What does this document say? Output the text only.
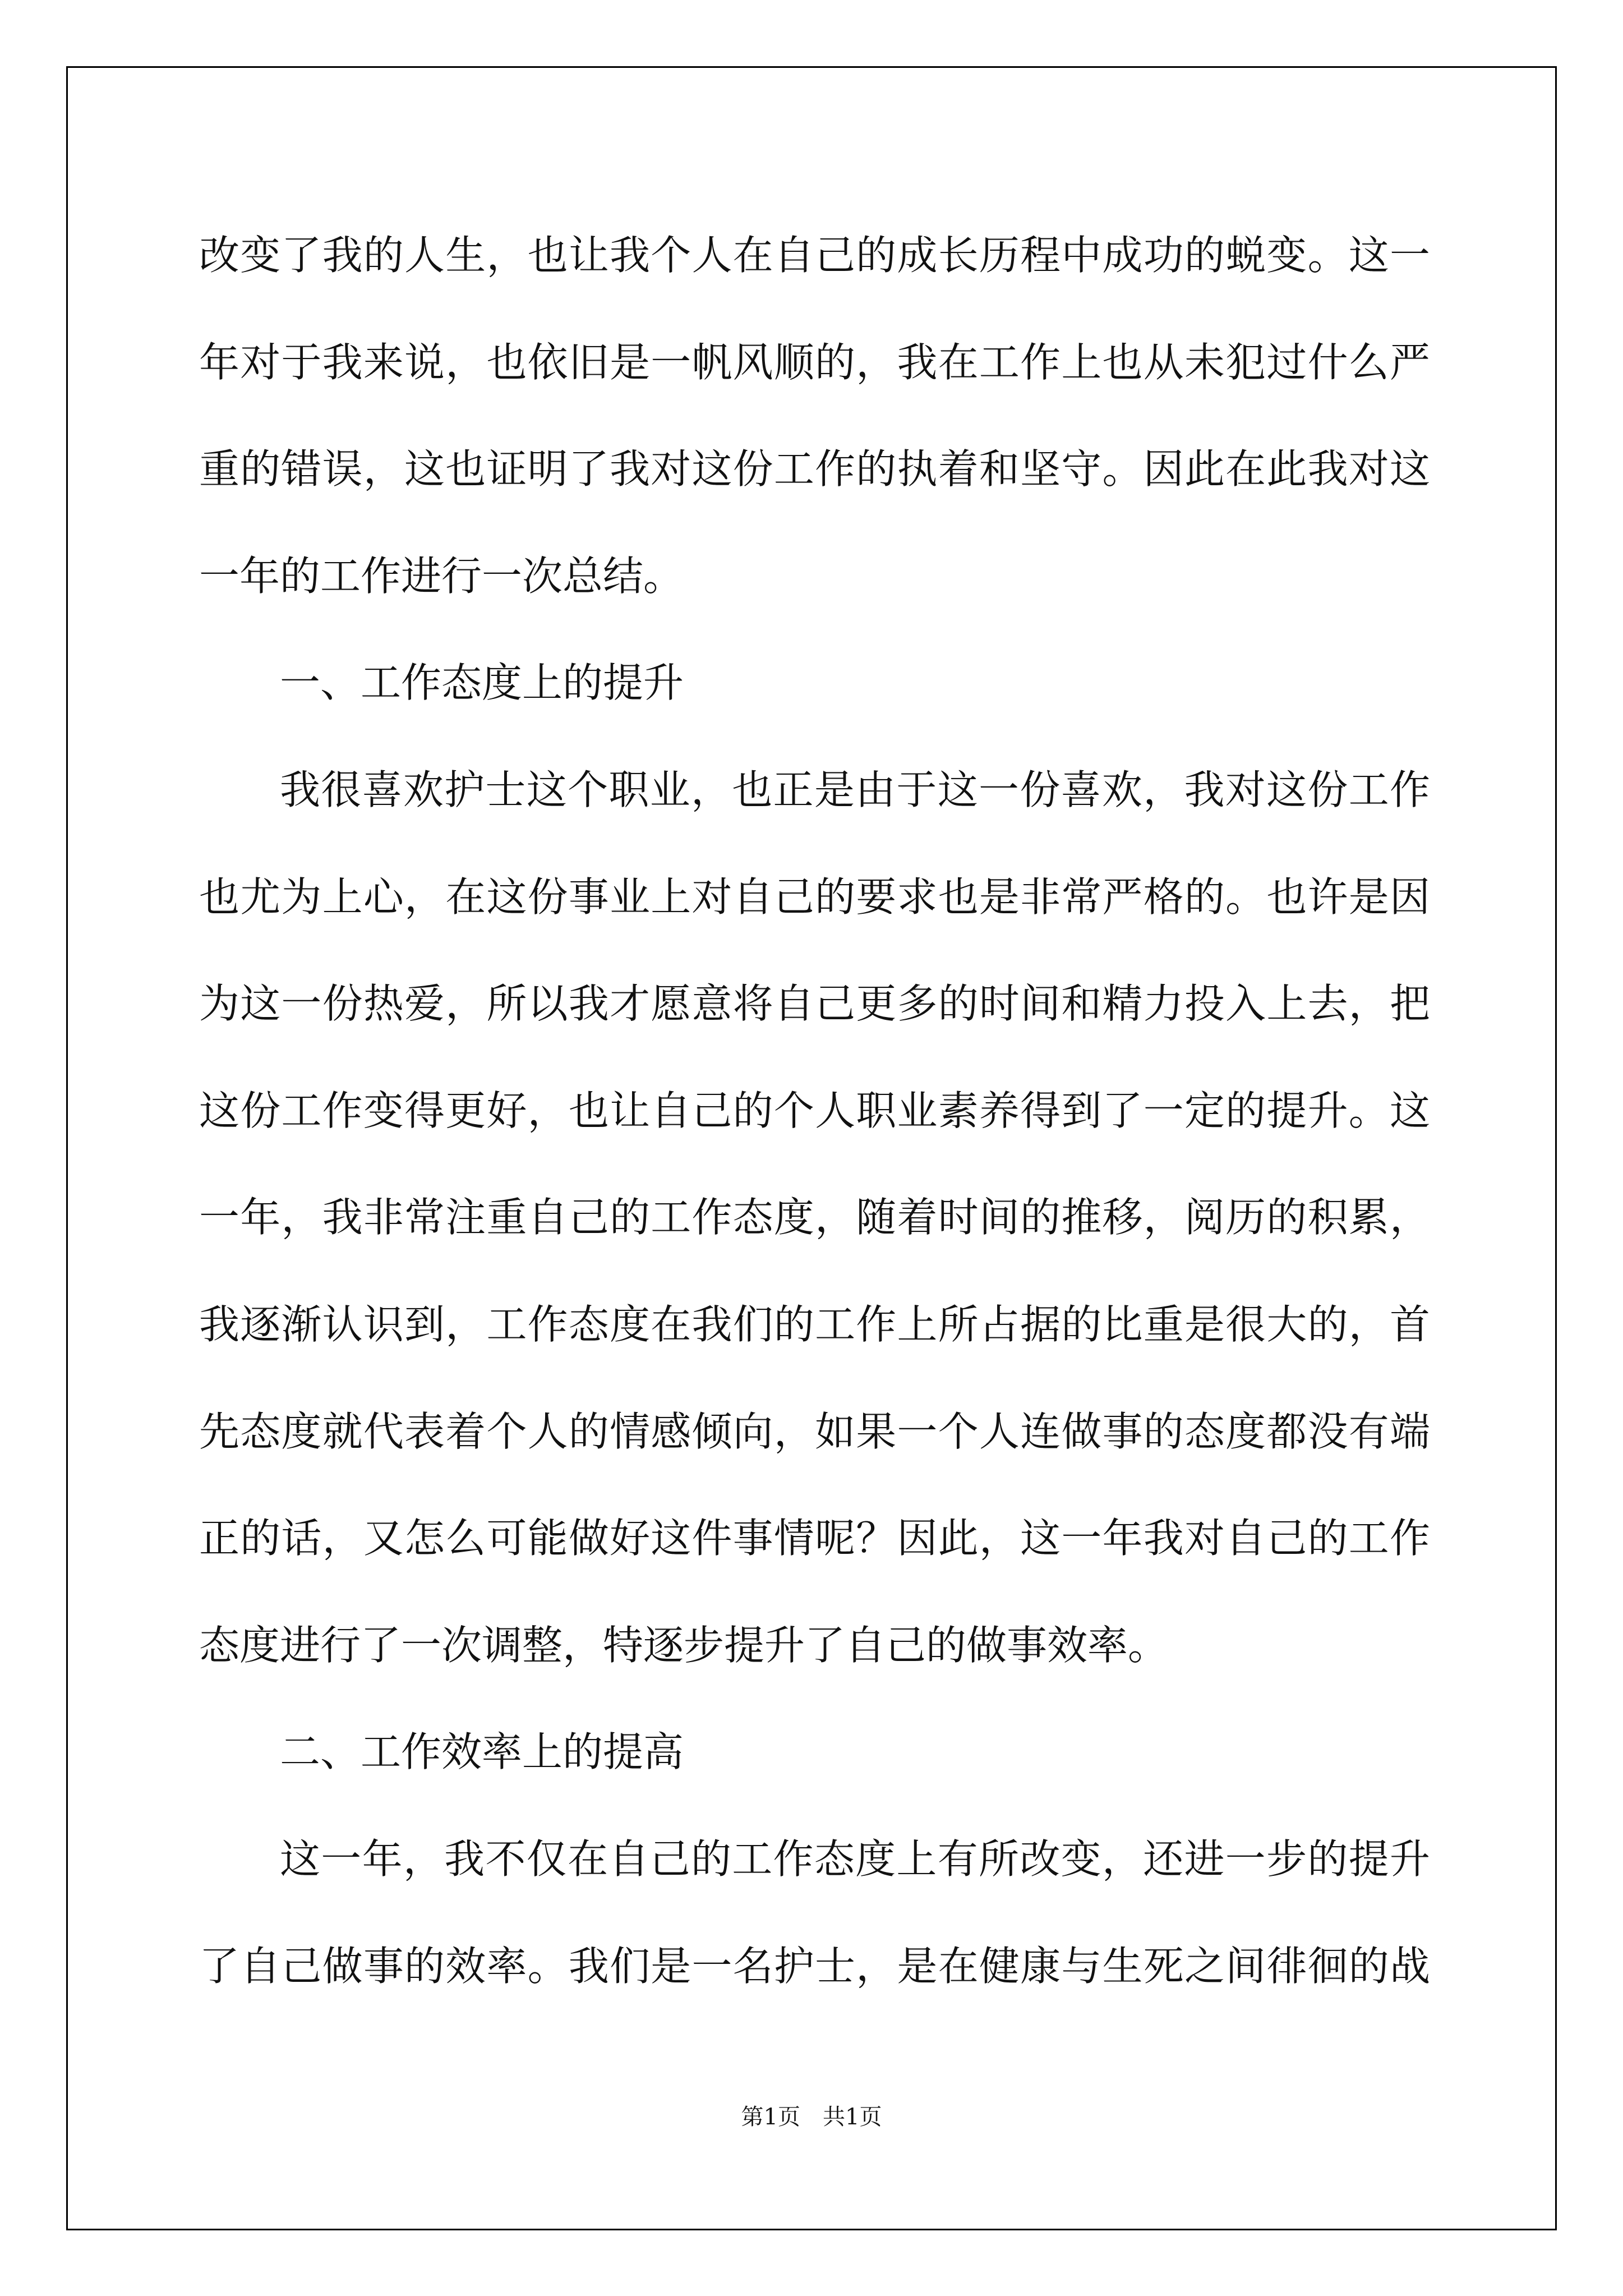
改变了我的人生，也让我个人在自己的成长历程中成功的蜕变。这一
年对于我来说，也依旧是一帆风顺的，我在工作上也从未犯过什么严
重的错误，这也证明了我对这份工作的执着和坚守。因此在此我对这
一年的工作进行一次总结。
一、工作态度上的提升
我很喜欢护士这个职业，也正是由于这一份喜欢，我对这份工作
也尤为上心，在这份事业上对自己的要求也是非常严格的。也许是因
为这一份热爱，所以我才愿意将自己更多的时间和精力投入上去，把
这份工作变得更好，也让自己的个人职业素养得到了一定的提升。这
一年，我非常注重自己的工作态度，随着时间的推移，阅历的积累，
我逐渐认识到，工作态度在我们的工作上所占据的比重是很大的，首
先态度就代表着个人的情感倾向，如果一个人连做事的态度都没有端
正的话，又怎么可能做好这件事情呢？因此，这一年我对自己的工作
态度进行了一次调整，特逐步提升了自己的做事效率。
二、工作效率上的提高
这一年，我不仅在自己的工作态度上有所改变，还进一步的提升
了自己做事的效率。我们是一名护士，是在健康与生死之间徘徊的战
第1页　共1页
